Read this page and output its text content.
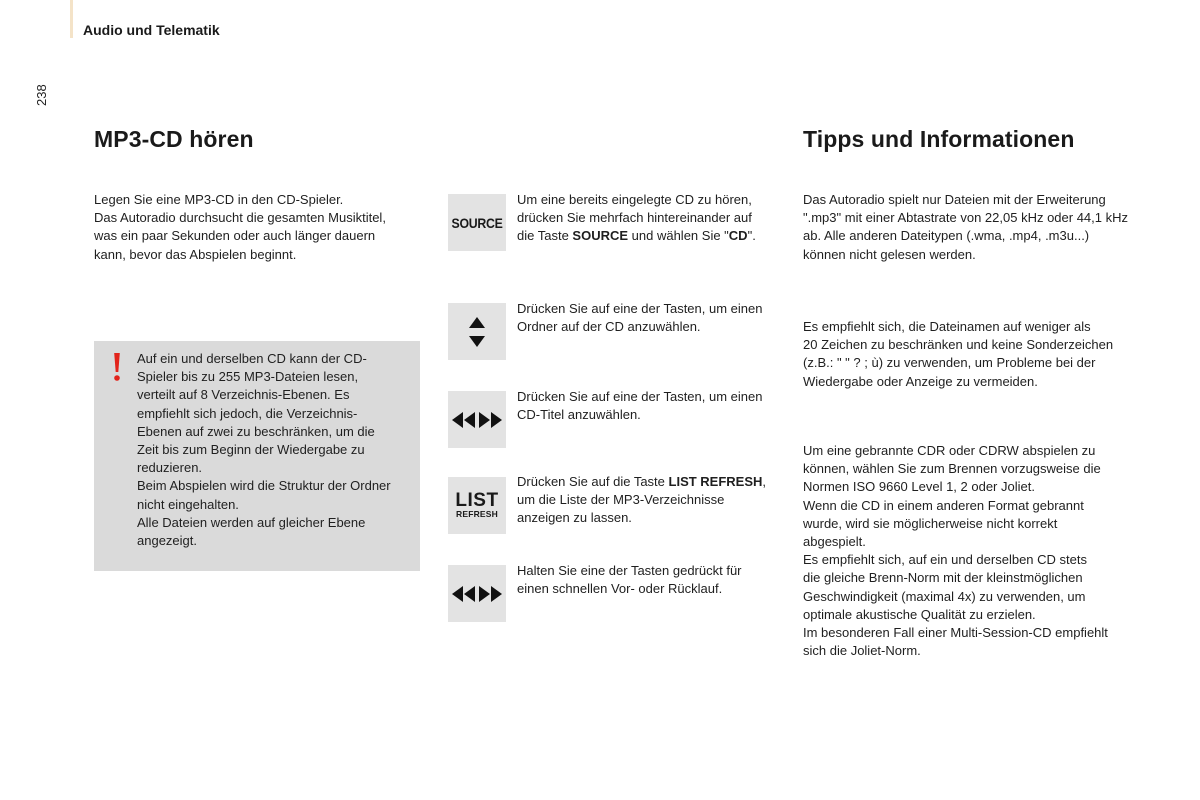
Audio und Telematik
238
MP3-CD hören	Tipps und Informationen
Legen Sie eine MP3-CD in den CD-Spieler.
Das Autoradio durchsucht die gesamten Musiktitel,
was ein paar Sekunden oder auch länger dauern
kann, bevor das Abspielen beginnt.
Auf ein und derselben CD kann der CD-
Spieler bis zu 255 MP3-Dateien lesen,
verteilt auf 8 Verzeichnis-Ebenen. Es
empfiehlt sich jedoch, die Verzeichnis-
Ebenen auf zwei zu beschränken, um die
Zeit bis zum Beginn der Wiedergabe zu
reduzieren.
Beim Abspielen wird die Struktur der Ordner
nicht eingehalten.
Alle Dateien werden auf gleicher Ebene
angezeigt.
SOURCE
Um eine bereits eingelegte CD zu hören,
drücken Sie mehrfach hintereinander auf
die Taste SOURCE und wählen Sie "CD".
Drücken Sie auf eine der Tasten, um einen
Ordner auf der CD anzuwählen.
Drücken Sie auf eine der Tasten, um einen
CD-Titel anzuwählen.
LIST
REFRESH
Drücken Sie auf die Taste LIST REFRESH,
um die Liste der MP3-Verzeichnisse
anzeigen zu lassen.
Halten Sie eine der Tasten gedrückt für
einen schnellen Vor- oder Rücklauf.
Das Autoradio spielt nur Dateien mit der Erweiterung
".mp3" mit einer Abtastrate von 22,05 kHz oder 44,1 kHz
ab. Alle anderen Dateitypen (.wma, .mp4, .m3u...)
können nicht gelesen werden.
Es empfiehlt sich, die Dateinamen auf weniger als
20 Zeichen zu beschränken und keine Sonderzeichen
(z.B.: " " ? ; ù) zu verwenden, um Probleme bei der
Wiedergabe oder Anzeige zu vermeiden.
Um eine gebrannte CDR oder CDRW abspielen zu
können, wählen Sie zum Brennen vorzugsweise die
Normen ISO 9660 Level 1, 2 oder Joliet.
Wenn die CD in einem anderen Format gebrannt
wurde, wird sie möglicherweise nicht korrekt
abgespielt.
Es empfiehlt sich, auf ein und derselben CD stets
die gleiche Brenn-Norm mit der kleinstmöglichen
Geschwindigkeit (maximal 4x) zu verwenden, um
optimale akustische Qualität zu erzielen.
Im besonderen Fall einer Multi-Session-CD empfiehlt
sich die Joliet-Norm.
